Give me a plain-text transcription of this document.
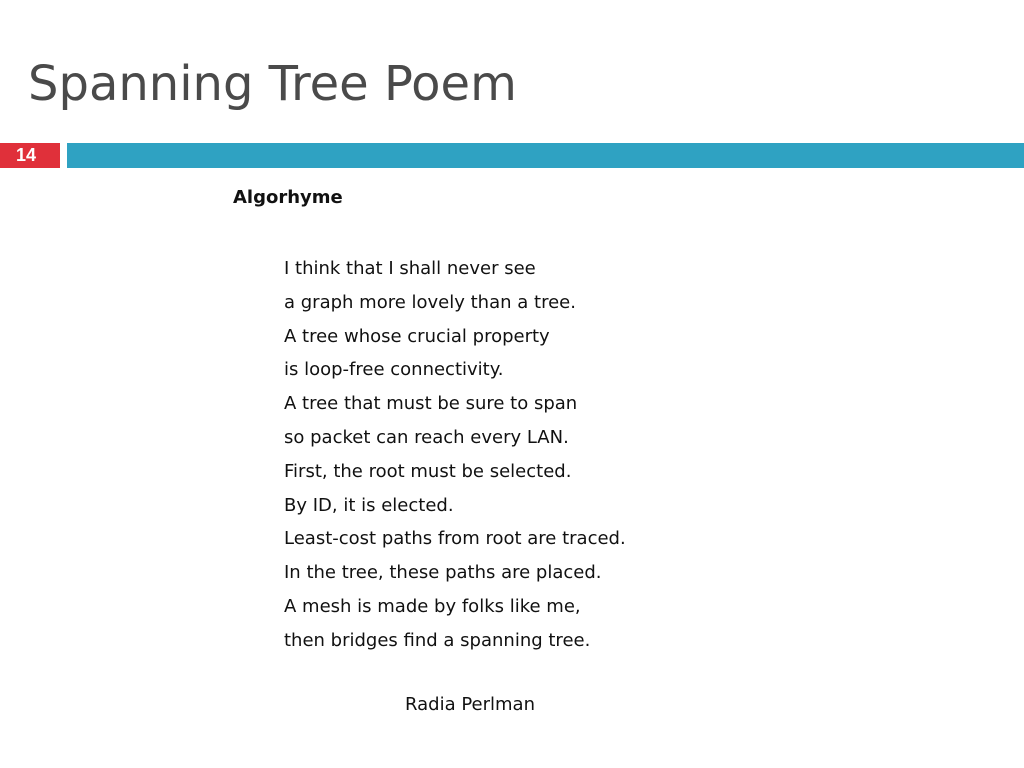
Spanning Tree Poem
14
Algorhyme
I think that I shall never see
a graph more lovely than a tree.
A tree whose crucial property
is loop-free connectivity.
A tree that must be sure to span
so packet can reach every LAN.
First, the root must be selected.
By ID, it is elected.
Least-cost paths from root are traced.
In the tree, these paths are placed.
A mesh is made by folks like me,
then bridges find a spanning tree.
Radia Perlman
